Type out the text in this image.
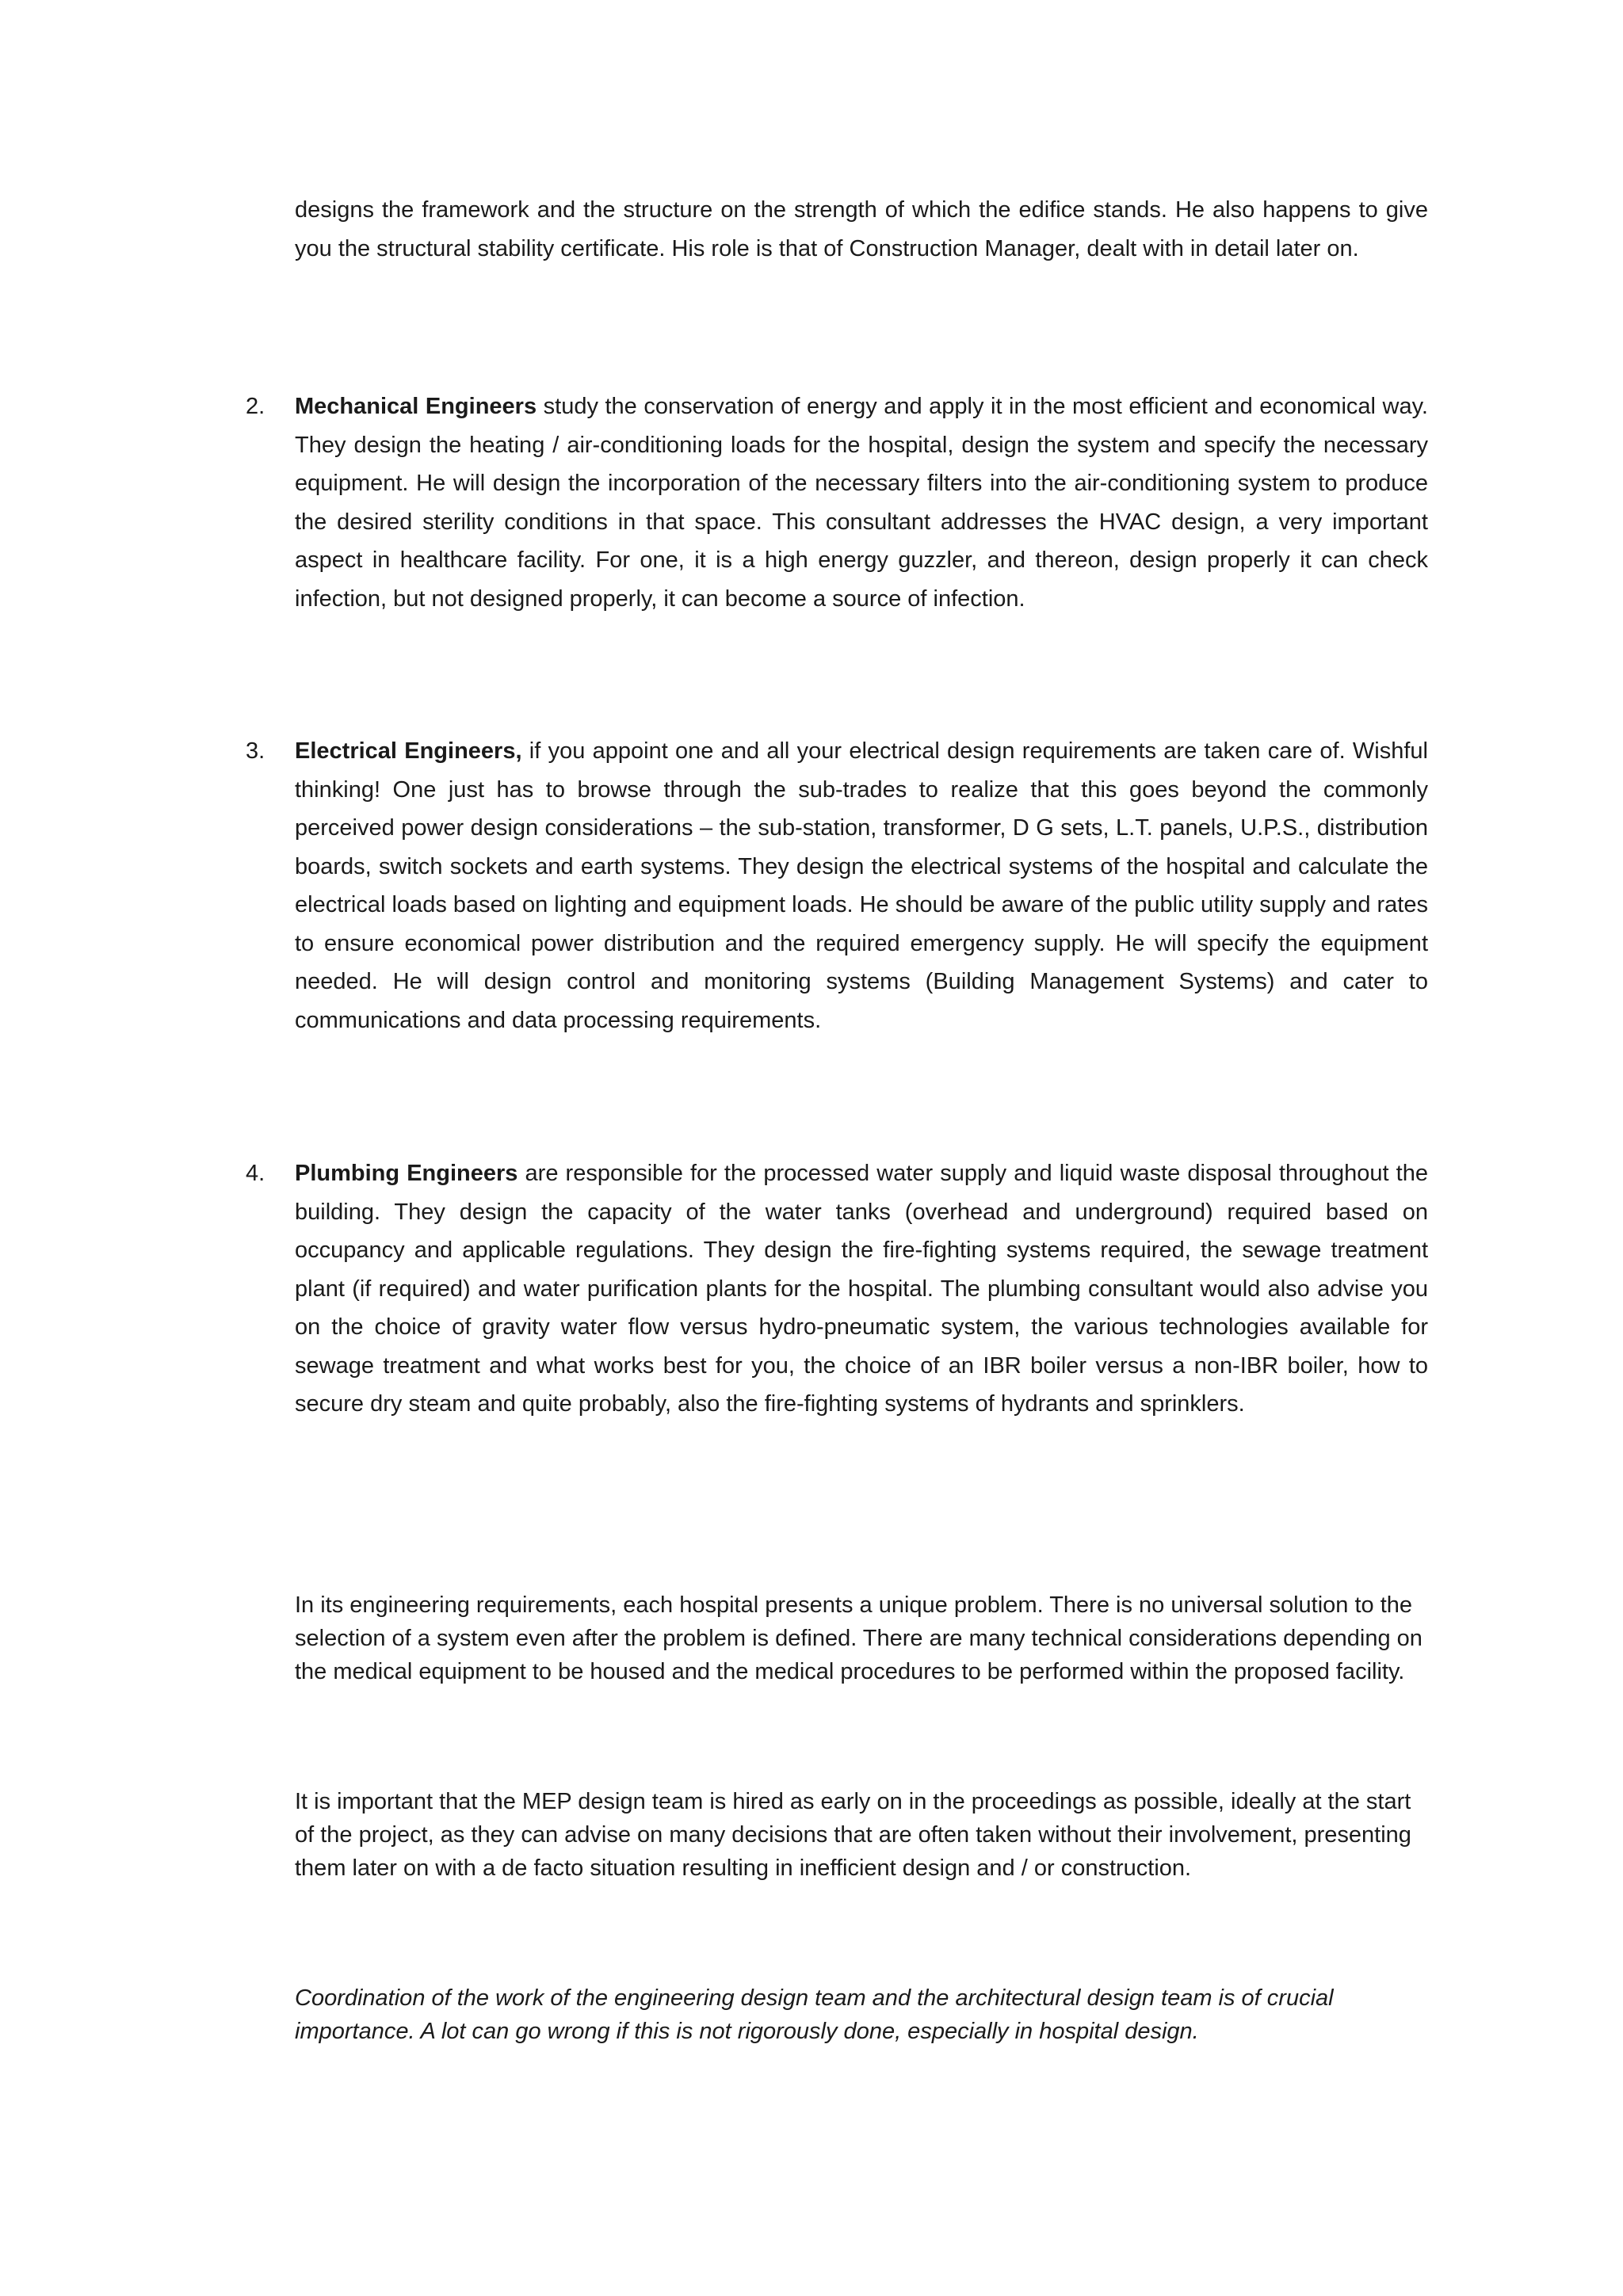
designs the framework and the structure on the strength of which the edifice stands. He also happens to give you the structural stability certificate. His role is that of Construction Manager, dealt with in detail later on.

2. Mechanical Engineers study the conservation of energy and apply it in the most efficient and economical way. They design the heating / air-conditioning loads for the hospital, design the system and specify the necessary equipment. He will design the incorporation of the necessary filters into the air-conditioning system to produce the desired sterility conditions in that space. This consultant addresses the HVAC design, a very important aspect in healthcare facility. For one, it is a high energy guzzler, and thereon, design properly it can check infection, but not designed properly, it can become a source of infection.

3. Electrical Engineers, if you appoint one and all your electrical design requirements are taken care of. Wishful thinking! One just has to browse through the sub-trades to realize that this goes beyond the commonly perceived power design considerations – the sub-station, transformer, D G sets, L.T. panels, U.P.S., distribution boards, switch sockets and earth systems. They design the electrical systems of the hospital and calculate the electrical loads based on lighting and equipment loads. He should be aware of the public utility supply and rates to ensure economical power distribution and the required emergency supply. He will specify the equipment needed. He will design control and monitoring systems (Building Management Systems) and cater to communications and data processing requirements.

4. Plumbing Engineers are responsible for the processed water supply and liquid waste disposal throughout the building. They design the capacity of the water tanks (overhead and underground) required based on occupancy and applicable regulations. They design the fire-fighting systems required, the sewage treatment plant (if required) and water purification plants for the hospital. The plumbing consultant would also advise you on the choice of gravity water flow versus hydro-pneumatic system, the various technologies available for sewage treatment and what works best for you, the choice of an IBR boiler versus a non-IBR boiler, how to secure dry steam and quite probably, also the fire-fighting systems of hydrants and sprinklers.

In its engineering requirements, each hospital presents a unique problem. There is no universal solution to the selection of a system even after the problem is defined. There are many technical considerations depending on the medical equipment to be housed and the medical procedures to be performed within the proposed facility.

It is important that the MEP design team is hired as early on in the proceedings as possible, ideally at the start of the project, as they can advise on many decisions that are often taken without their involvement, presenting them later on with a de facto situation resulting in inefficient design and / or construction.

Coordination of the work of the engineering design team and the architectural design team is of crucial importance. A lot can go wrong if this is not rigorously done, especially in hospital design.
